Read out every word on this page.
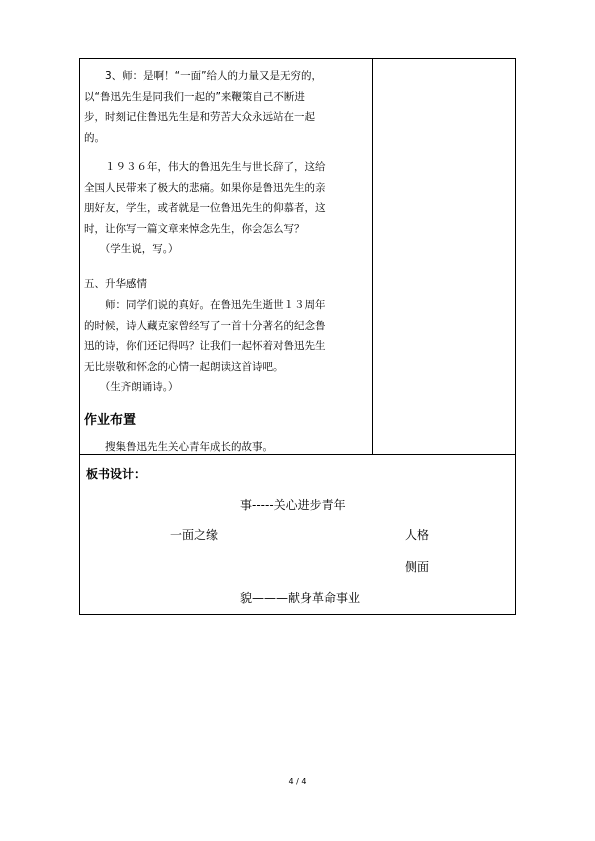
　　3、师：是啊！“一面”给人的力量又是无穷的，
以“鲁迅先生是同我们一起的”来鞭策自己不断进
步，时刻记住鲁迅先生是和劳苦大众永远站在一起
的。
　　１９３６年，伟大的鲁迅先生与世长辞了，这给
全国人民带来了极大的悲痛。如果你是鲁迅先生的亲
朋好友，学生，或者就是一位鲁迅先生的仰慕者，这
时，让你写一篇文章来悼念先生，你会怎么写？
　　（学生说，写。）
五、升华感情
　　师：同学们说的真好。在鲁迅先生逝世１３周年
的时候，诗人藏克家曾经写了一首十分著名的纪念鲁
迅的诗，你们还记得吗？让我们一起怀着对鲁迅先生
无比崇敬和怀念的心情一起朗读这首诗吧。
　　（生齐朗诵诗。）
作业布置
　　搜集鲁迅先生关心青年成长的故事。
板书设计：
事-----关心进步青年
一面之缘	人格
侧面
貌———献身革命事业
4 / 4
